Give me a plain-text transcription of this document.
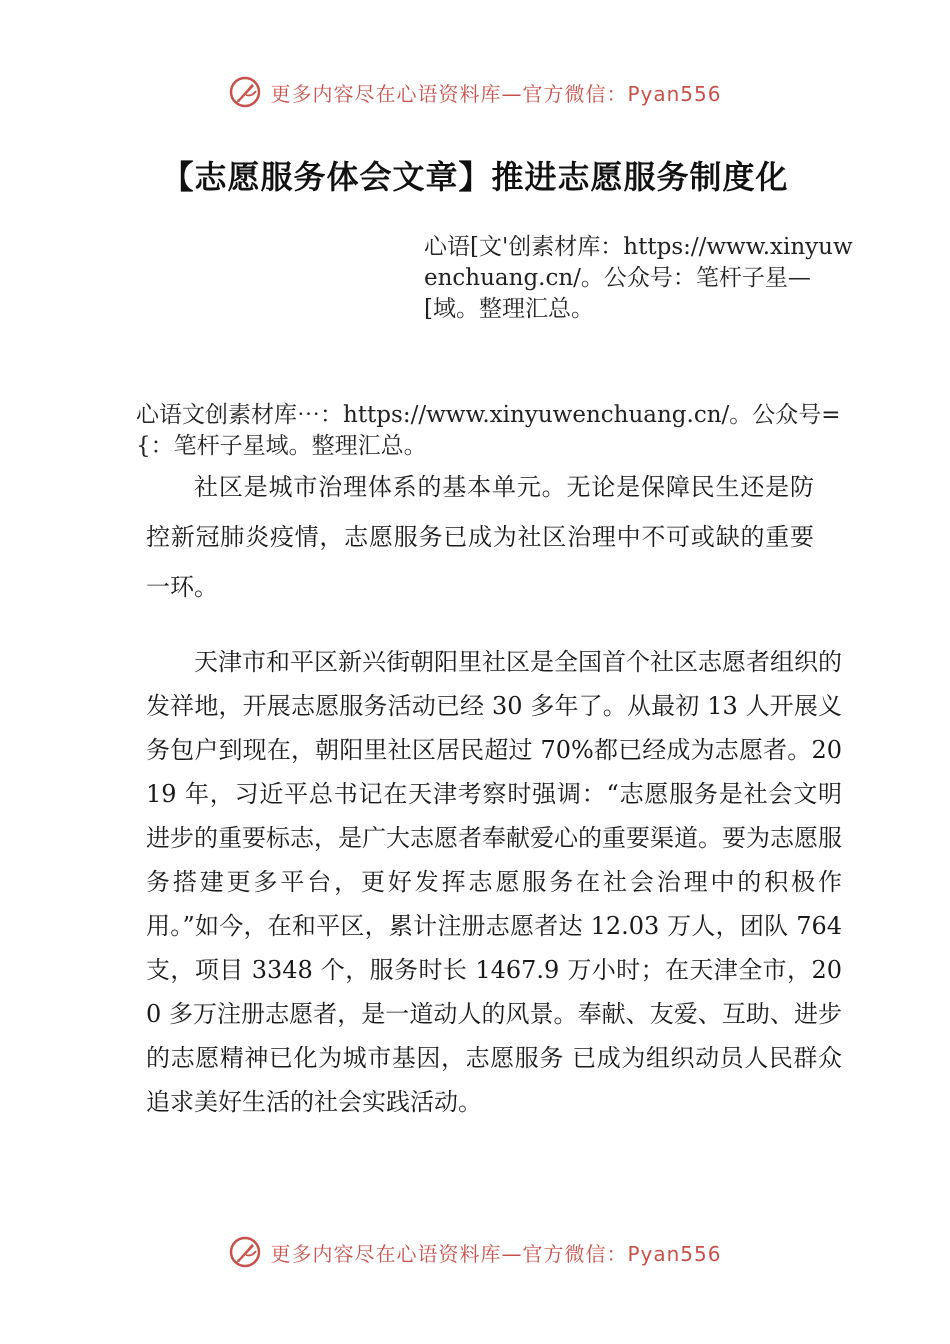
更多内容尽在心语资料库—官方微信：Pyan556
【志愿服务体会文章】推进志愿服务制度化

心语[文'创素材库：https://www.xinyuwenchuang.cn/。公众号：笔杆子星—[域。整理汇总。

心语文创素材库⋯：https://www.xinyuwenchuang.cn/。公众号={：笔杆子星域。整理汇总。

社区是城市治理体系的基本单元。无论是保障民生还是防控新冠肺炎疫情，志愿服务已成为社区治理中不可或缺的重要一环。

天津市和平区新兴街朝阳里社区是全国首个社区志愿者组织的发祥地，开展志愿服务活动已经 30 多年了。从最初 13 人开展义务包户到现在，朝阳里社区居民超过 70%都已经成为志愿者。2019 年，习近平总书记在天津考察时强调：“志愿服务是社会文明进步的重要标志，是广大志愿者奉献爱心的重要渠道。要为志愿服务搭建更多平台，更好发挥志愿服务在社会治理中的积极作用。”如今，在和平区，累计注册志愿者达 12.03 万人，团队 764 支，项目 3348 个，服务时长 1467.9 万小时；在天津全市，200 多万注册志愿者，是一道动人的风景。奉献、友爱、互助、进步的志愿精神已化为城市基因，志愿服务 已成为组织动员人民群众追求美好生活的社会实践活动。

更多内容尽在心语资料库—官方微信：Pyan556
